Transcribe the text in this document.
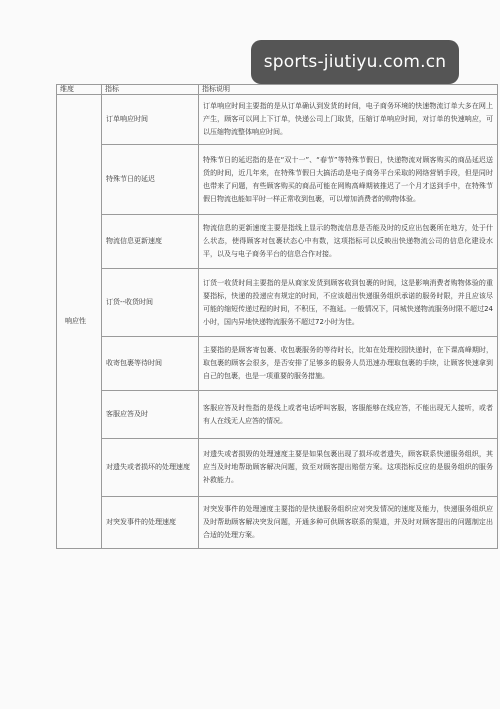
sports-jiutiyu.com.cn
维度	指标	指标说明
响应性	订单响应时间	订单响应时间主要指的是从订单确认到发货的时间，电子商务环境的快速物流订单大多在网上产生，顾客可以网上下订单，快递公司上门取货，压缩订单响应时间，对订单的快速响应，可以压缩物流整体响应时间。
	特殊节日的延迟	特殊节日的延迟指的是在“双十一”、“春节”等特殊节假日，快递物流对顾客购买的商品延迟送货的时间，近几年来，在特殊节假日大搞活动是电子商务平台采取的网络营销手段，但是同时也带来了问题，有些顾客购买的商品可能在网购高峰期被推迟了一个月才送到手中，在特殊节假日物流也能如平时一样正常收到包裹，可以增加消费者的购物体验。
	物流信息更新速度	物流信息的更新速度主要是指线上显示的物流信息是否能及时的反应出包裹所在地方，处于什么状态，使得顾客对包裹状态心中有数，这项指标可以反映出快递物流公司的信息化建设水平，以及与电子商务平台的信息合作对接。
	订货--收货时间	订货一收货时间主要指的是从商家发货到顾客收到包裹的时间，这是影响消费者购物体验的重要指标，快递的投递应有规定的时间，不应该超出快递服务组织承诺的服务时限，并且应该尽可能的缩短传递过程的时间，不积压，不拖延。一般情况下，同城快递物流服务时限不超过24小时，国内异地快递物流服务不超过72小时为佳。
	收寄包裹等待时间	主要指的是顾客寄包裹、收包裹服务的等待时长，比如在处理校园快递时，在下课高峰期时，取包裹的顾客会很多，是否安排了足够多的服务人员迅速办理取包裹的手续，让顾客快速拿到自己的包裹，也是一项重要的服务措施。
	客服应答及时	客服应答及时性指的是线上或者电话呼叫客服，客服能够在线应答，不能出现无人接听，或者有人在线无人应答的情况。
	对遗失或者损坏的处理速度	对遗失或者损毁的处理速度主要是如果包裹出现了损坏或者遗失，顾客联系快递服务组织，其应当及时地帮助顾客解决问题，致至对顾客提出赔偿方案。这项指标反应的是服务组织的服务补救能力。
	对突发事件的处理速度	对突发事件的处理速度主要指的是快递服务组织应对突发情况的速度及能力，快递服务组织应及时帮助顾客解决突发问题，开通多种可供顾客联系的渠道，并及时对顾客提出的问题制定出合适的处理方案。
